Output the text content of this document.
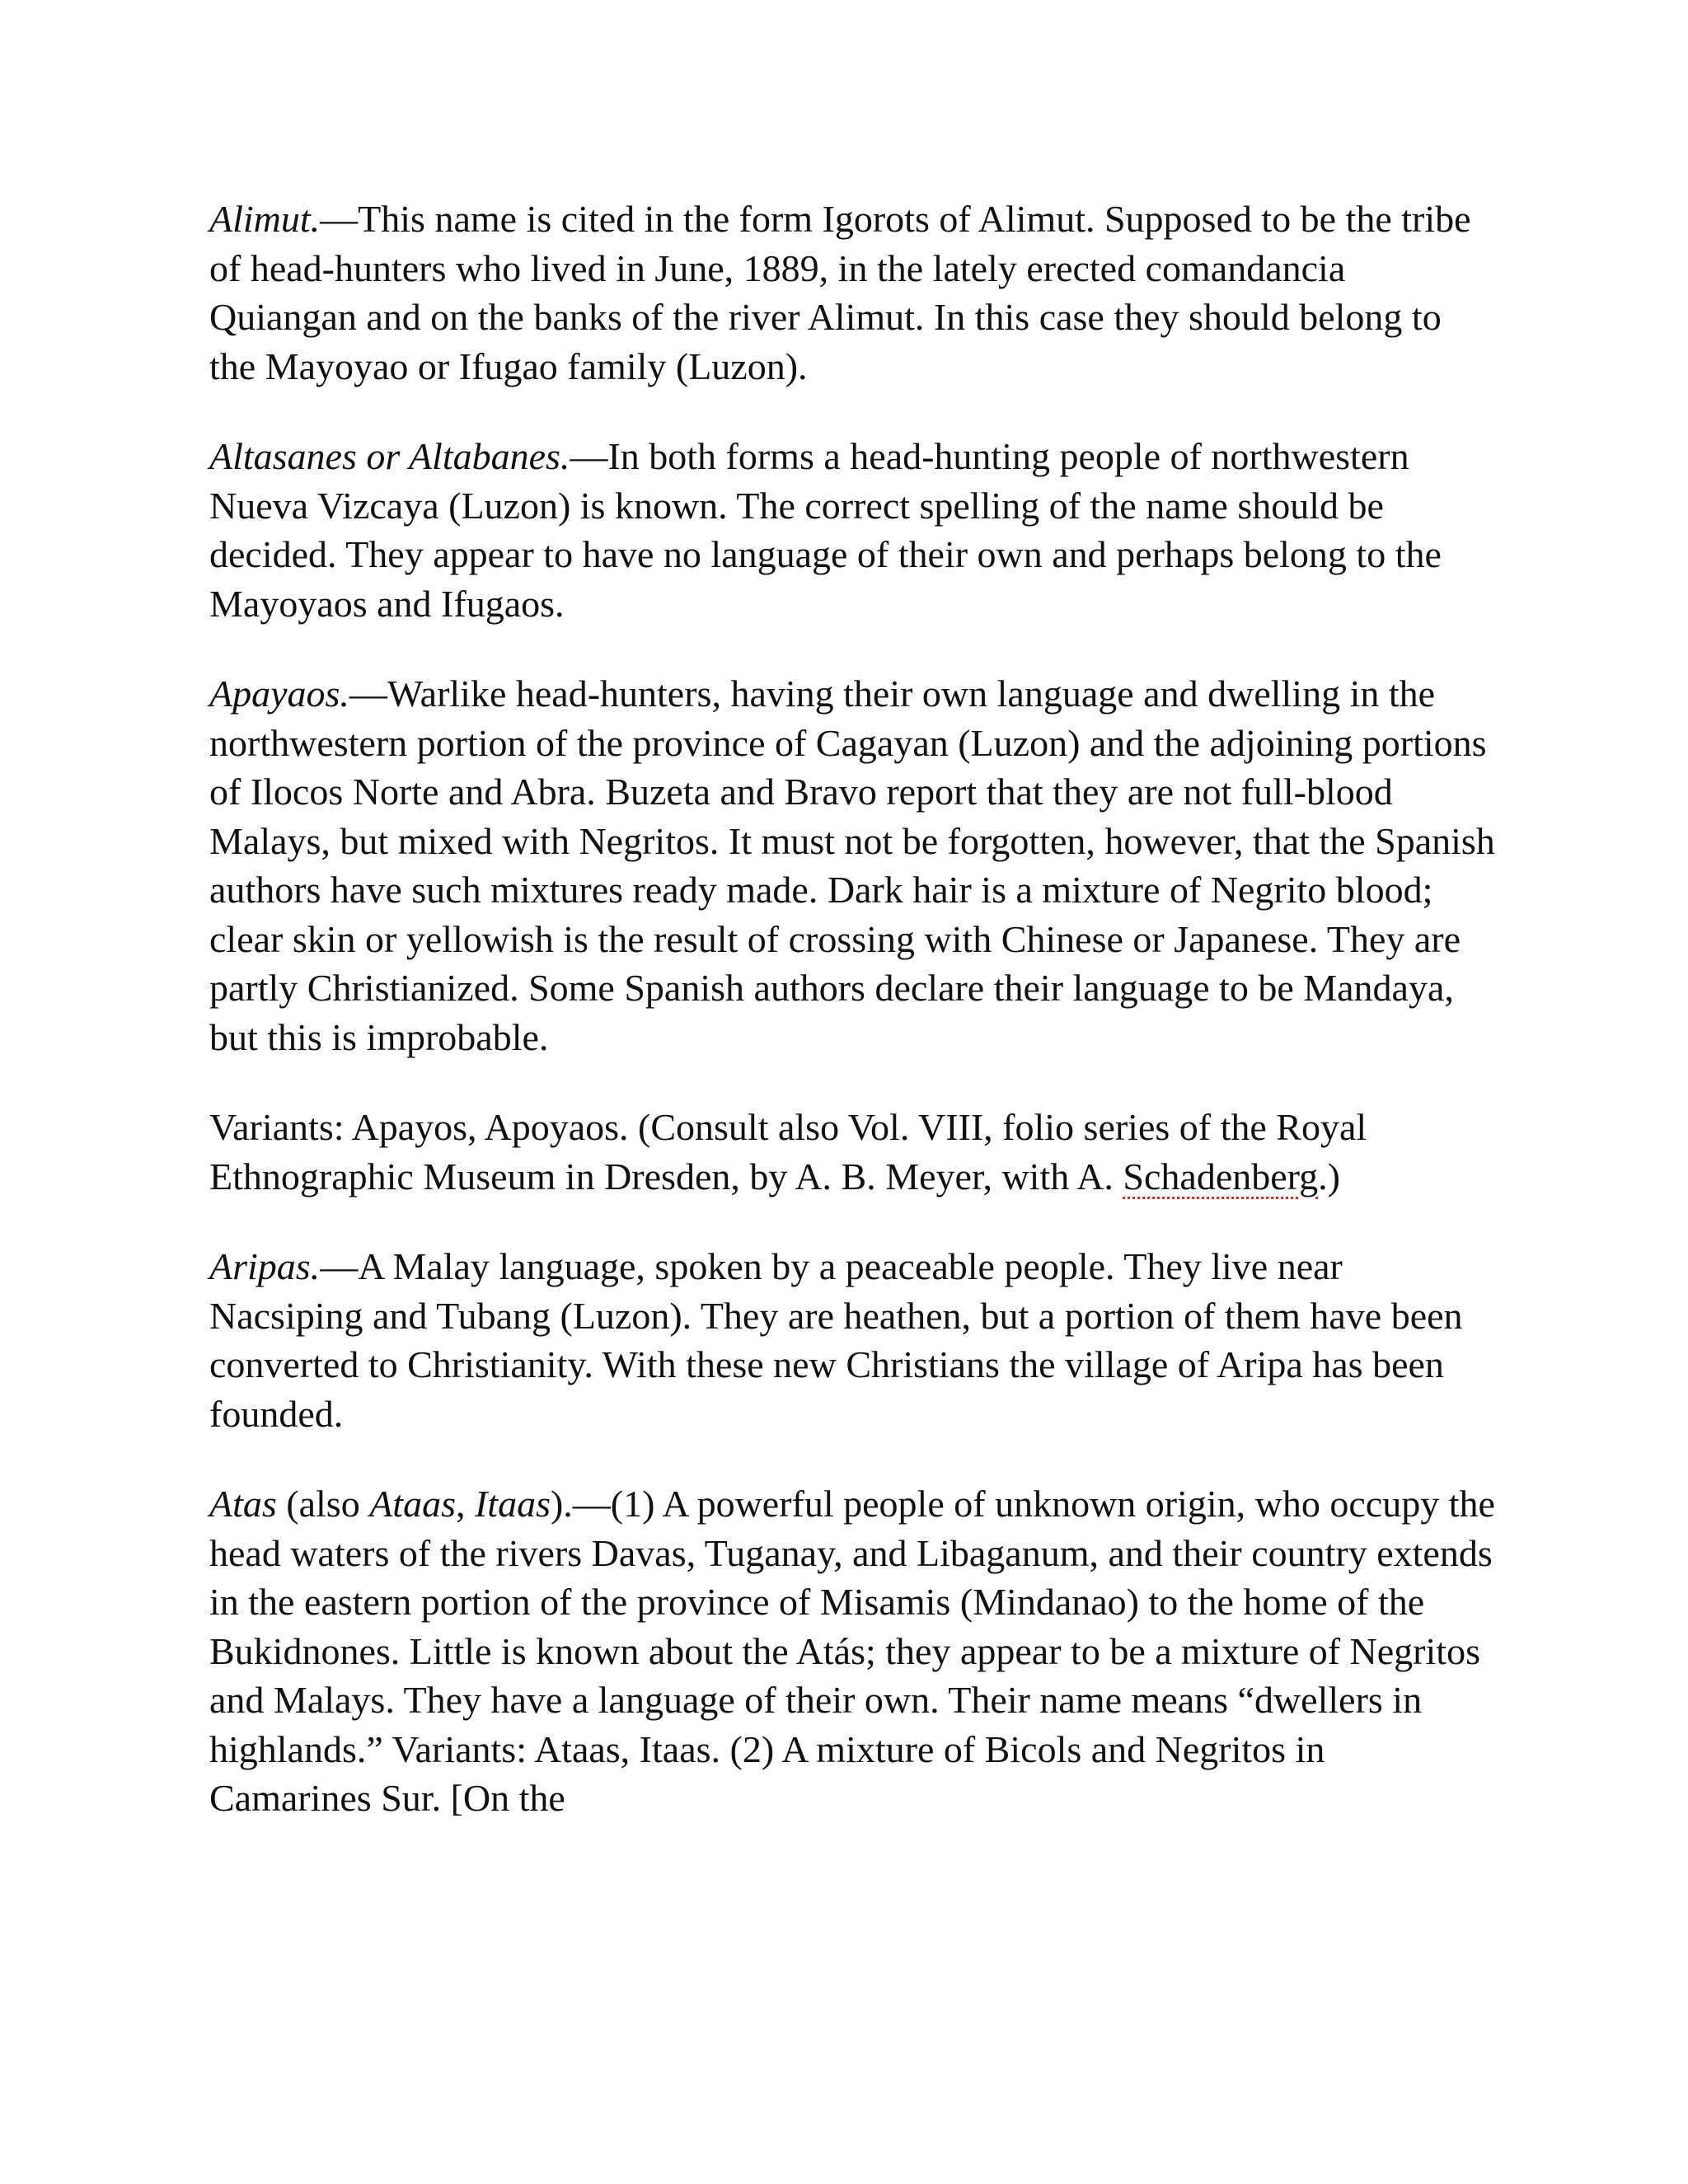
Alimut.—This name is cited in the form Igorots of Alimut. Supposed to be the tribe of head-hunters who lived in June, 1889, in the lately erected comandancia Quiangan and on the banks of the river Alimut. In this case they should belong to the Mayoyao or Ifugao family (Luzon).

Altasanes or Altabanes.—In both forms a head-hunting people of northwestern Nueva Vizcaya (Luzon) is known. The correct spelling of the name should be decided. They appear to have no language of their own and perhaps belong to the Mayoyaos and Ifugaos.

Apayaos.—Warlike head-hunters, having their own language and dwelling in the northwestern portion of the province of Cagayan (Luzon) and the adjoining portions of Ilocos Norte and Abra. Buzeta and Bravo report that they are not full-blood Malays, but mixed with Negritos. It must not be forgotten, however, that the Spanish authors have such mixtures ready made. Dark hair is a mixture of Negrito blood; clear skin or yellowish is the result of crossing with Chinese or Japanese. They are partly Christianized. Some Spanish authors declare their language to be Mandaya, but this is improbable.

Variants: Apayos, Apoyaos. (Consult also Vol. VIII, folio series of the Royal Ethnographic Museum in Dresden, by A. B. Meyer, with A. Schadenberg.)

Aripas.—A Malay language, spoken by a peaceable people. They live near Nacsiping and Tubang (Luzon). They are heathen, but a portion of them have been converted to Christianity. With these new Christians the village of Aripa has been founded.

Atas (also Ataas, Itaas).—(1) A powerful people of unknown origin, who occupy the head waters of the rivers Davas, Tuganay, and Libaganum, and their country extends in the eastern portion of the province of Misamis (Mindanao) to the home of the Bukidnones. Little is known about the Atás; they appear to be a mixture of Negritos and Malays. They have a language of their own. Their name means “dwellers in highlands.” Variants: Ataas, Itaas. (2) A mixture of Bicols and Negritos in Camarines Sur. [On the
